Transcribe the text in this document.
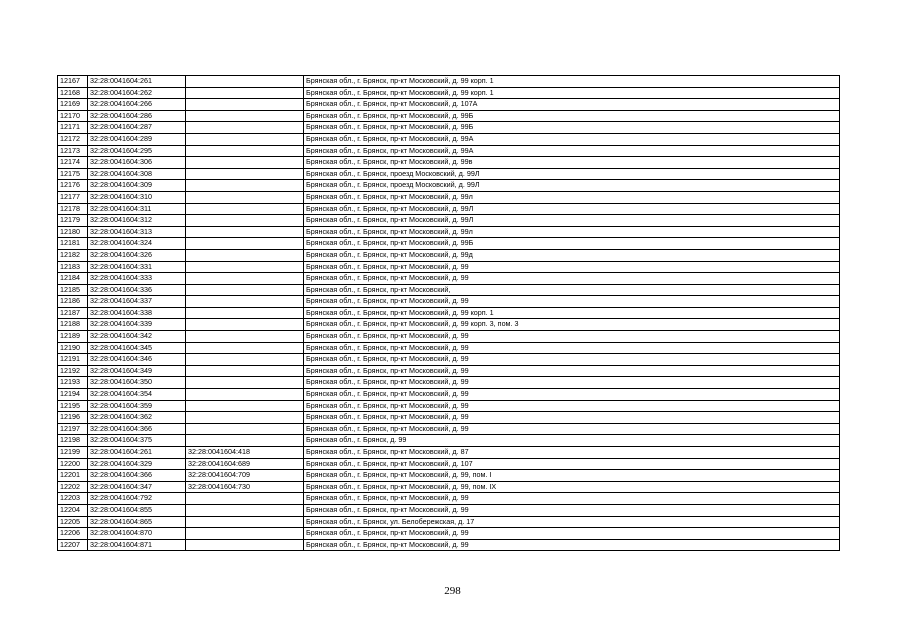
12167	32:28:0041604:261		Брянская обл., г. Брянск, пр-кт Московский, д. 99 корп. 1
12168	32:28:0041604:262		Брянская обл., г. Брянск, пр-кт Московский, д. 99 корп. 1
12169	32:28:0041604:266		Брянская обл., г. Брянск, пр-кт Московский, д. 107А
12170	32:28:0041604:286		Брянская обл., г. Брянск, пр-кт Московский, д. 99Б
12171	32:28:0041604:287		Брянская обл., г. Брянск, пр-кт Московский, д. 99Б
12172	32:28:0041604:289		Брянская обл., г. Брянск, пр-кт Московский, д. 99А
12173	32:28:0041604:295		Брянская обл., г. Брянск, пр-кт Московский, д. 99А
12174	32:28:0041604:306		Брянская обл., г. Брянск, пр-кт Московский, д. 99в
12175	32:28:0041604:308		Брянская обл., г. Брянск, проезд Московский, д. 99Л
12176	32:28:0041604:309		Брянская обл., г. Брянск, проезд Московский, д. 99Л
12177	32:28:0041604:310		Брянская обл., г. Брянск, пр-кт Московский, д. 99л
12178	32:28:0041604:311		Брянская обл., г. Брянск, пр-кт Московский, д. 99Л
12179	32:28:0041604:312		Брянская обл., г. Брянск, пр-кт Московский, д. 99Л
12180	32:28:0041604:313		Брянская обл., г. Брянск, пр-кт Московский, д. 99л
12181	32:28:0041604:324		Брянская обл., г. Брянск, пр-кт Московский, д. 99Б
12182	32:28:0041604:326		Брянская обл., г. Брянск, пр-кт Московский, д. 99д
12183	32:28:0041604:331		Брянская обл., г. Брянск, пр-кт Московский, д. 99
12184	32:28:0041604:333		Брянская обл., г. Брянск, пр-кт Московский, д. 99
12185	32:28:0041604:336		Брянская обл., г. Брянск, пр-кт Московский,
12186	32:28:0041604:337		Брянская обл., г. Брянск, пр-кт Московский, д. 99
12187	32:28:0041604:338		Брянская обл., г. Брянск, пр-кт Московский, д. 99 корп. 1
12188	32:28:0041604:339		Брянская обл., г. Брянск, пр-кт Московский, д. 99 корп. 3, пом. 3
12189	32:28:0041604:342		Брянская обл., г. Брянск, пр-кт Московский, д. 99
12190	32:28:0041604:345		Брянская обл., г. Брянск, пр-кт Московский, д. 99
12191	32:28:0041604:346		Брянская обл., г. Брянск, пр-кт Московский, д. 99
12192	32:28:0041604:349		Брянская обл., г. Брянск, пр-кт Московский, д. 99
12193	32:28:0041604:350		Брянская обл., г. Брянск, пр-кт Московский, д. 99
12194	32:28:0041604:354		Брянская обл., г. Брянск, пр-кт Московский, д. 99
12195	32:28:0041604:359		Брянская обл., г. Брянск, пр-кт Московский, д. 99
12196	32:28:0041604:362		Брянская обл., г. Брянск, пр-кт Московский, д. 99
12197	32:28:0041604:366		Брянская обл., г. Брянск, пр-кт Московский, д. 99
12198	32:28:0041604:375		Брянская обл., г. Брянск, д. 99
12199	32:28:0041604:261	32:28:0041604:418	Брянская обл., г. Брянск, пр-кт Московский, д. 87
12200	32:28:0041604:329	32:28:0041604:689	Брянская обл., г. Брянск, пр-кт Московский, д. 107
12201	32:28:0041604:366	32:28:0041604:709	Брянская обл., г. Брянск, пр-кт Московский, д. 99, пом. I
12202	32:28:0041604:347	32:28:0041604:730	Брянская обл., г. Брянск, пр-кт Московский, д. 99, пом. IX
12203	32:28:0041604:792		Брянская обл., г. Брянск, пр-кт Московский, д. 99
12204	32:28:0041604:855		Брянская обл., г. Брянск, пр-кт Московский, д. 99
12205	32:28:0041604:865		Брянская обл., г. Брянск, ул. Белобережская, д. 17
12206	32:28:0041604:870		Брянская обл., г. Брянск, пр-кт Московский, д. 99
12207	32:28:0041604:871		Брянская обл., г. Брянск, пр-кт Московский, д. 99
298
